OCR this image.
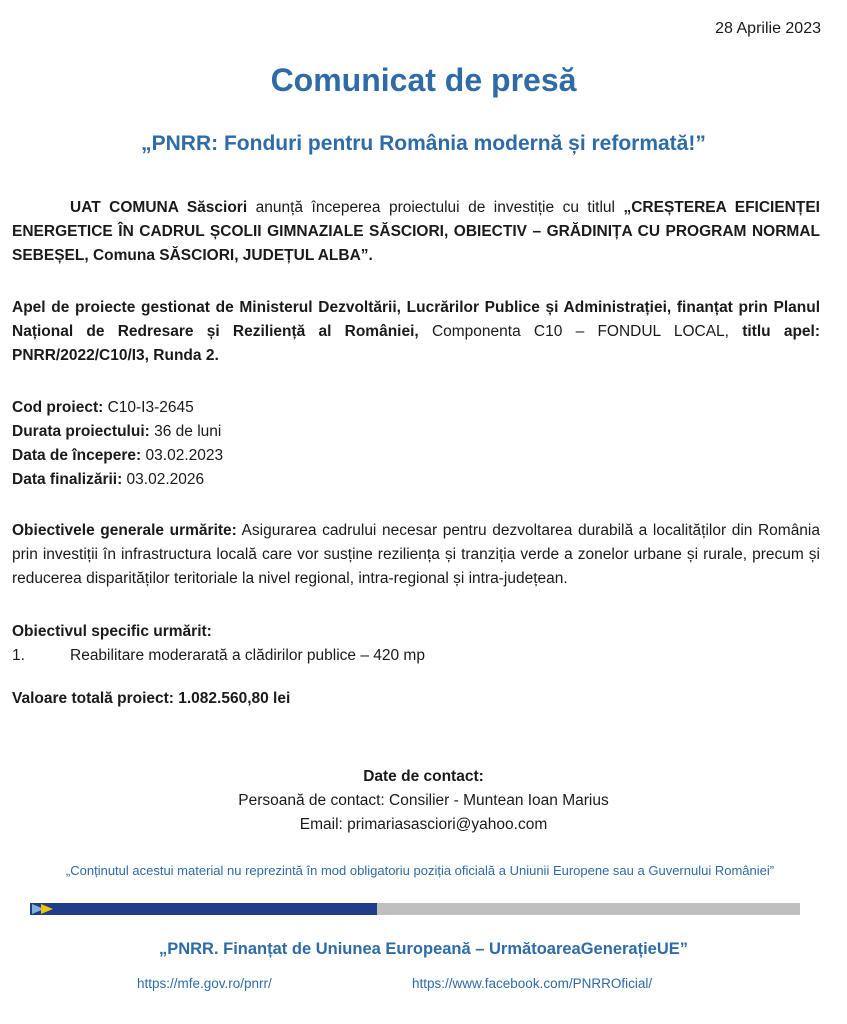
28 Aprilie 2023
Comunicat de presă
„PNRR: Fonduri pentru România modernă și reformată!”
UAT COMUNA Săsciori anunță începerea proiectului de investiție cu titlul „CREȘTEREA EFICIENȚEI ENERGETICE ÎN CADRUL ȘCOLII GIMNAZIALE SĂSCIORI, OBIECTIV – GRĂDINIȚA CU PROGRAM NORMAL SEBEȘEL, Comuna SĂSCIORI, JUDEȚUL ALBA”.
Apel de proiecte gestionat de Ministerul Dezvoltării, Lucrărilor Publice și Administrației, finanțat prin Planul Național de Redresare și Reziliență al României, Componenta C10 – FONDUL LOCAL, titlu apel: PNRR/2022/C10/I3, Runda 2.
Cod proiect: C10-I3-2645
Durata proiectului: 36 de luni
Data de începere: 03.02.2023
Data finalizării: 03.02.2026
Obiectivele generale urmărite: Asigurarea cadrului necesar pentru dezvoltarea durabilă a localităților din România prin investiții în infrastructura locală care vor susține reziliența și tranziția verde a zonelor urbane și rurale, precum și reducerea disparităților teritoriale la nivel regional, intra-regional și intra-județean.
Obiectivul specific urmărit:
1.	Reabilitare moderarată a clădirilor publice – 420 mp
Valoare totală proiect: 1.082.560,80 lei
Date de contact:
Persoană de contact: Consilier - Muntean Ioan Marius
Email: primariasasciori@yahoo.com
„Conținutul acestui material nu reprezintă în mod obligatoriu poziția oficială a Uniunii Europene sau a Guvernului României”
„PNRR. Finanțat de Uniunea Europeană – UrmătoareaGenerațieUE”
https://mfe.gov.ro/pnrr/	https://www.facebook.com/PNRROficial/
